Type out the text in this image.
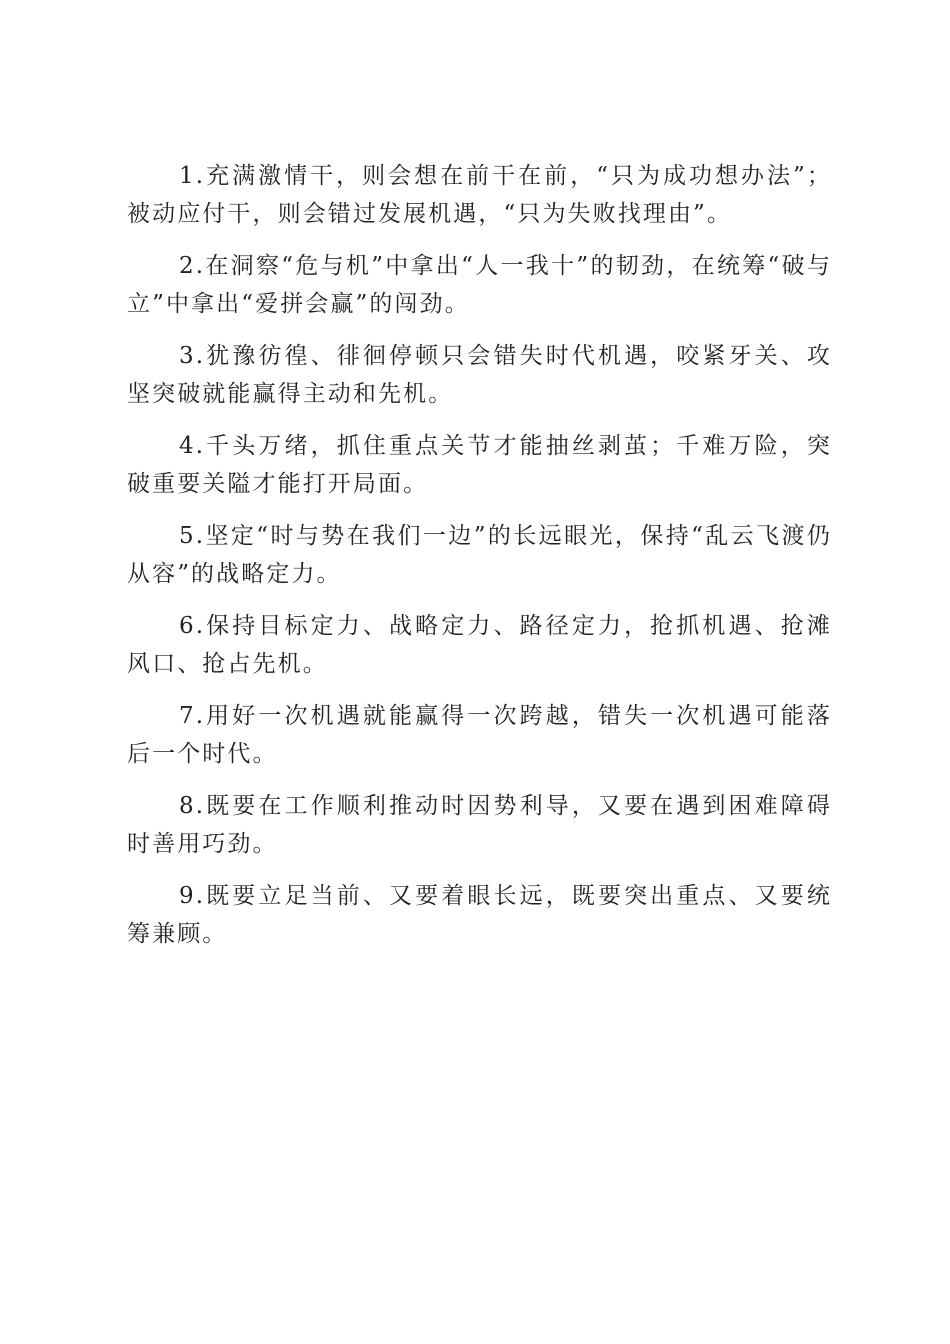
1.充满激情干，则会想在前干在前，“只为成功想办法”；被动应付干，则会错过发展机遇，“只为失败找理由”。

2.在洞察“危与机”中拿出“人一我十”的韧劲，在统筹“破与立”中拿出“爱拼会赢”的闯劲。

3.犹豫彷徨、徘徊停顿只会错失时代机遇，咬紧牙关、攻坚突破就能赢得主动和先机。

4.千头万绪，抓住重点关节才能抽丝剥茧；千难万险，突破重要关隘才能打开局面。

5.坚定“时与势在我们一边”的长远眼光，保持“乱云飞渡仍从容”的战略定力。

6.保持目标定力、战略定力、路径定力，抢抓机遇、抢滩风口、抢占先机。

7.用好一次机遇就能赢得一次跨越，错失一次机遇可能落后一个时代。

8.既要在工作顺利推动时因势利导，又要在遇到困难障碍时善用巧劲。

9.既要立足当前、又要着眼长远，既要突出重点、又要统筹兼顾。
